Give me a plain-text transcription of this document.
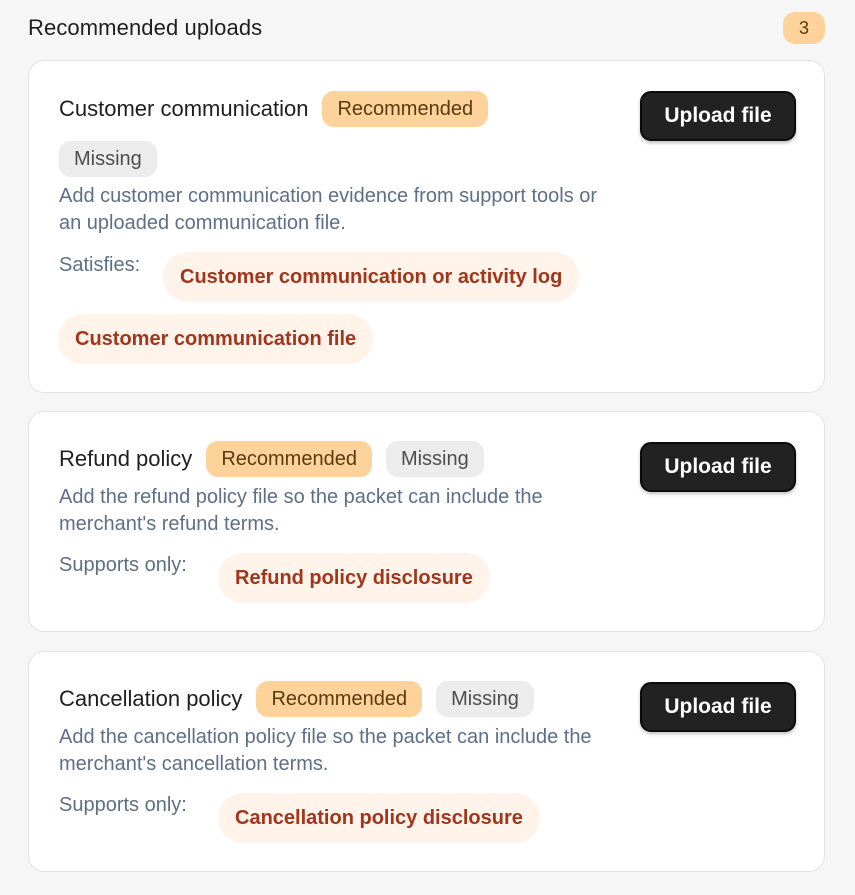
Recommended uploads	3
Customer communication	Recommended
Missing
Add customer communication evidence from support tools or an uploaded communication file.
Satisfies:
Customer communication or activity log
Customer communication file
Upload file
Refund policy	Recommended	Missing
Add the refund policy file so the packet can include the merchant's refund terms.
Supports only:
Refund policy disclosure
Upload file
Cancellation policy	Recommended	Missing
Add the cancellation policy file so the packet can include the merchant's cancellation terms.
Supports only:
Cancellation policy disclosure
Upload file
